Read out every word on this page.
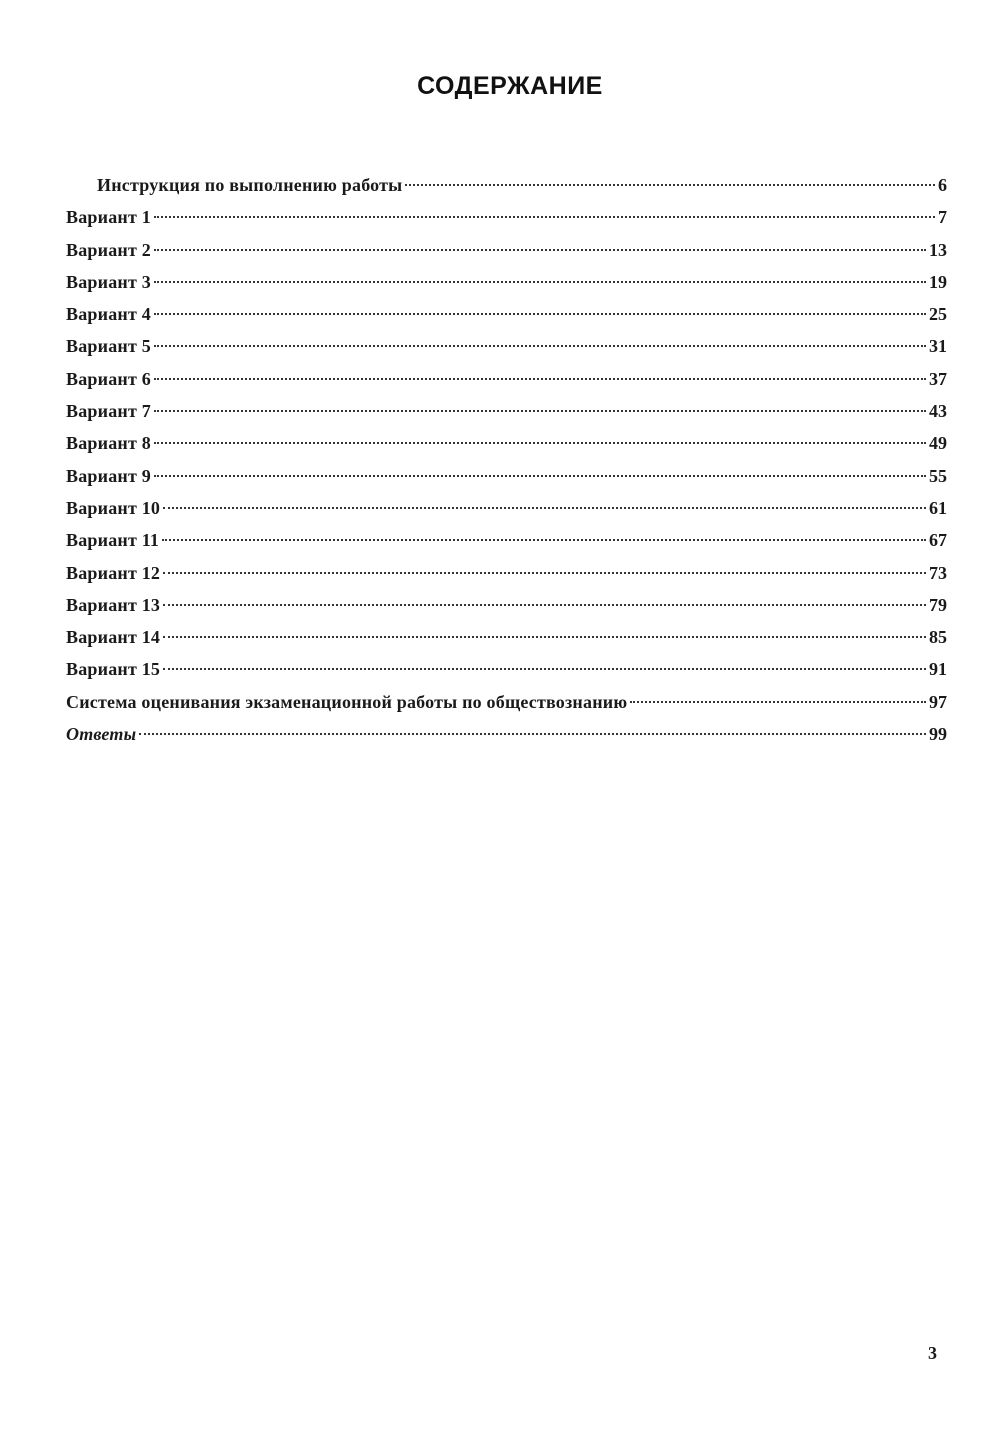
СОДЕРЖАНИЕ
Инструкция по выполнению работы	6
Вариант 1	7
Вариант 2	13
Вариант 3	19
Вариант 4	25
Вариант 5	31
Вариант 6	37
Вариант 7	43
Вариант 8	49
Вариант 9	55
Вариант 10	61
Вариант 11	67
Вариант 12	73
Вариант 13	79
Вариант 14	85
Вариант 15	91
Система оценивания экзаменационной работы по обществознанию	97
Ответы	99
3
